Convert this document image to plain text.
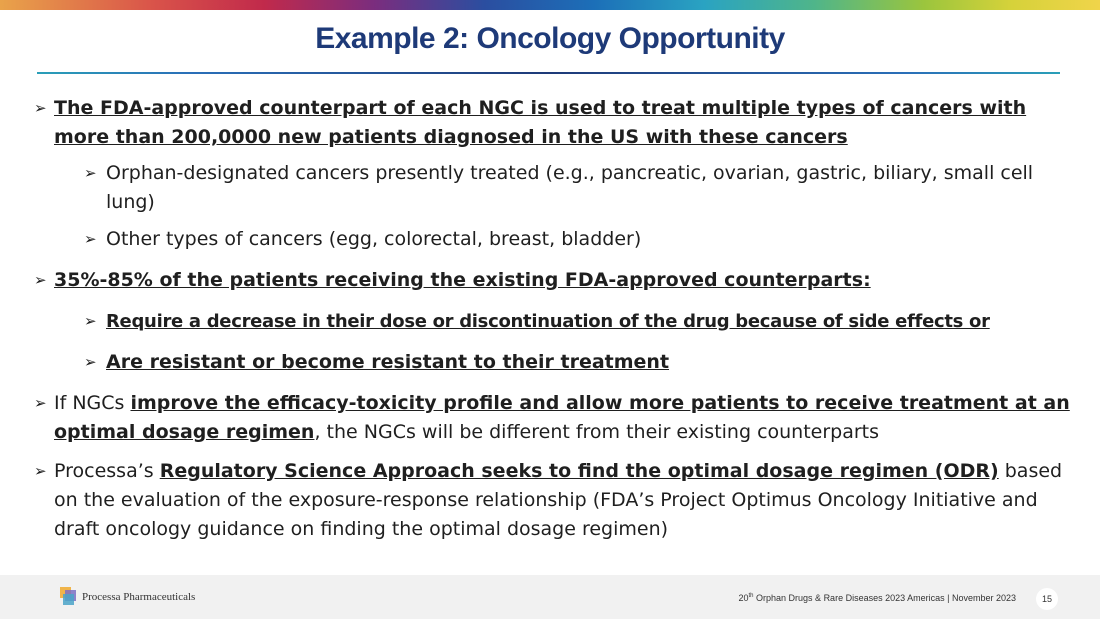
Example 2: Oncology Opportunity
➢ The FDA-approved counterpart of each NGC is used to treat multiple types of cancers with more than 200,0000 new patients diagnosed in the US with these cancers
➢ Orphan-designated cancers presently treated (e.g., pancreatic, ovarian, gastric, biliary, small cell lung)
➢ Other types of cancers (egg, colorectal, breast, bladder)
➢ 35%-85% of the patients receiving the existing FDA-approved counterparts:
➢ Require a decrease in their dose or discontinuation of the drug because of side effects or
➢ Are resistant or become resistant to their treatment
➢ If NGCs improve the efficacy-toxicity profile and allow more patients to receive treatment at an optimal dosage regimen, the NGCs will be different from their existing counterparts
➢ Processa’s Regulatory Science Approach seeks to find the optimal dosage regimen (ODR) based on the evaluation of the exposure-response relationship (FDA’s Project Optimus Oncology Initiative and draft oncology guidance on finding the optimal dosage regimen)
Processa Pharmaceuticals	20th Orphan Drugs & Rare Diseases 2023 Americas | November 2023	15
